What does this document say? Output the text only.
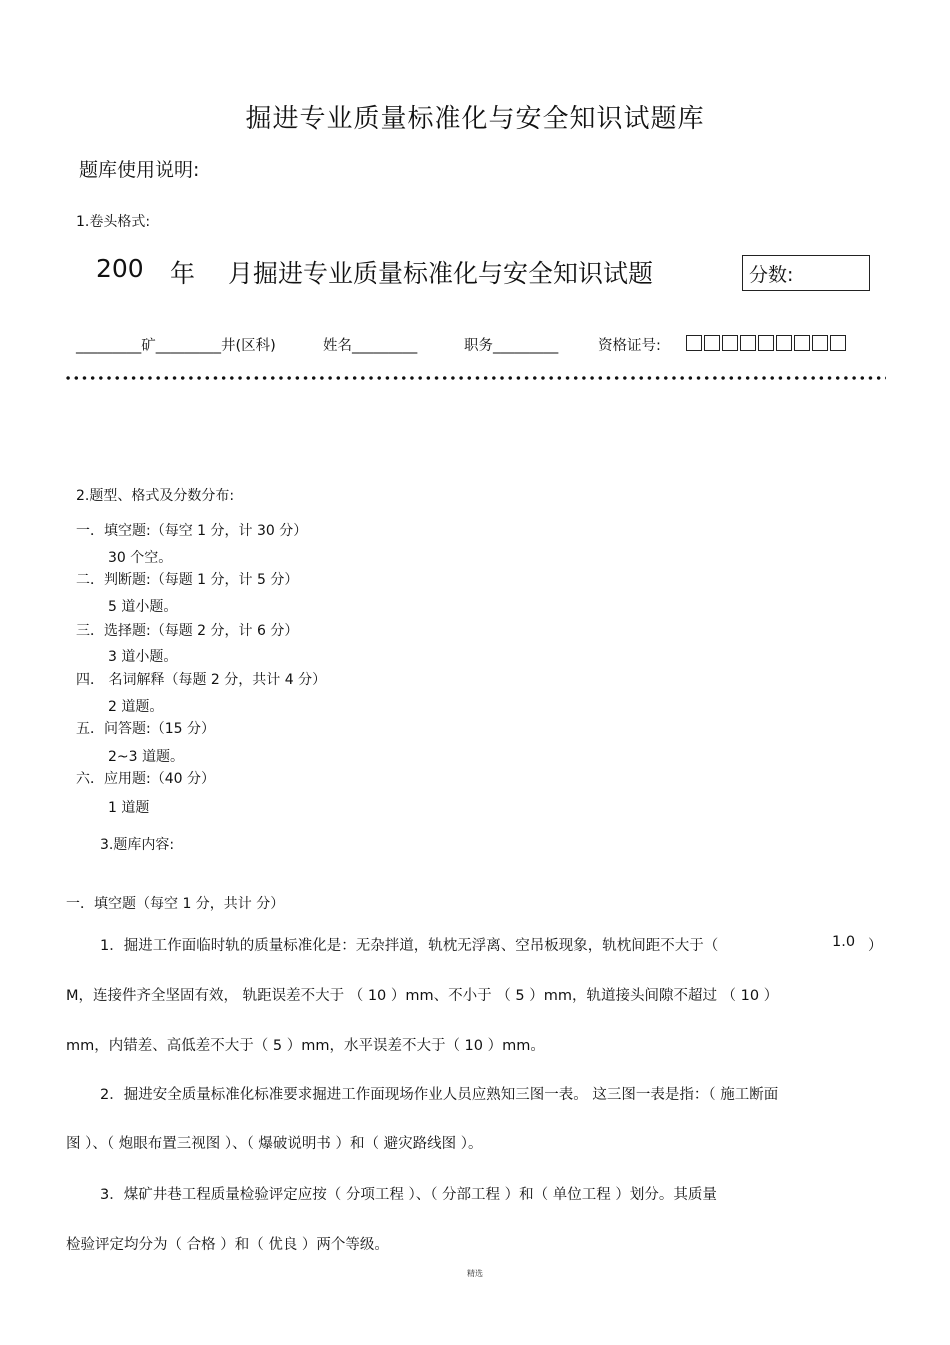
掘进专业质量标准化与安全知识试题库
题库使用说明:
1.卷头格式:
200 年 月掘进专业质量标准化与安全知识试题	分数:
_________矿_________井(区科)	姓名_________	职务_________	资格证号:
2.题型、格式及分数分布:
一．填空题:（每空 1 分，计 30 分）
30 个空。
二．判断题:（每题 1 分，计 5 分）
5 道小题。
三．选择题:（每题 2 分，计 6 分）
3 道小题。
四． 名词解释（每题 2 分，共计 4 分）
2 道题。
五．问答题:（15 分）
2~3 道题。
六．应用题:（40 分）
1 道题
3.题库内容:
一．填空题（每空 1 分，共计 分）
1．掘进工作面临时轨的质量标准化是：无杂拌道，轨枕无浮离、空吊板现象，轨枕间距不大于（	1.0 ）
M，连接件齐全坚固有效， 轨距误差不大于 （ 10 ）mm、不小于 （ 5 ）mm，轨道接头间隙不超过 （ 10 ）
mm，内错差、高低差不大于（ 5 ）mm，水平误差不大于（ 10 ）mm。
2．掘进安全质量标准化标准要求掘进工作面现场作业人员应熟知三图一表。 这三图一表是指：（ 施工断面
图 ）、（ 炮眼布置三视图 ）、（ 爆破说明书 ）和（ 避灾路线图 ）。
3．煤矿井巷工程质量检验评定应按（ 分项工程 ）、（ 分部工程 ）和（ 单位工程 ）划分。其质量
检验评定均分为（ 合格 ）和（ 优良 ）两个等级。
精选
